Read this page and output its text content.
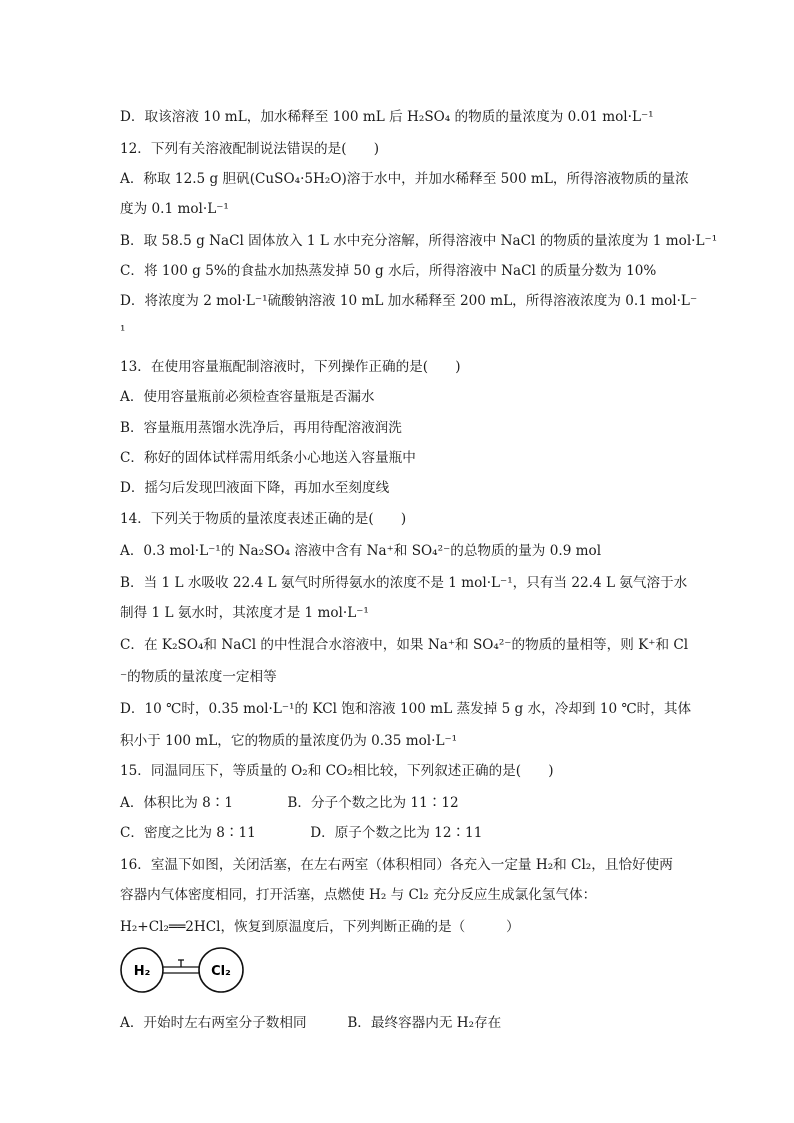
D．取该溶液 10 mL，加水稀释至 100 mL 后 H₂SO₄ 的物质的量浓度为 0.01 mol·L⁻¹
12．下列有关溶液配制说法错误的是(　　)
A．称取 12.5 g 胆矾(CuSO₄·5H₂O)溶于水中，并加水稀释至 500 mL，所得溶液物质的量浓
度为 0.1 mol·L⁻¹
B．取 58.5 g NaCl 固体放入 1 L 水中充分溶解，所得溶液中 NaCl 的物质的量浓度为 1 mol·L⁻¹
C．将 100 g 5%的食盐水加热蒸发掉 50 g 水后，所得溶液中 NaCl 的质量分数为 10%
D．将浓度为 2 mol·L⁻¹硫酸钠溶液 10 mL 加水稀释至 200 mL，所得溶液浓度为 0.1 mol·L⁻
¹
13．在使用容量瓶配制溶液时，下列操作正确的是(　　)
A．使用容量瓶前必须检查容量瓶是否漏水
B．容量瓶用蒸馏水洗净后，再用待配溶液润洗
C．称好的固体试样需用纸条小心地送入容量瓶中
D．摇匀后发现凹液面下降，再加水至刻度线
14．下列关于物质的量浓度表述正确的是(　　)
A．0.3 mol·L⁻¹的 Na₂SO₄ 溶液中含有 Na⁺和 SO₄²⁻的总物质的量为 0.9 mol
B．当 1 L 水吸收 22.4 L 氨气时所得氨水的浓度不是 1 mol·L⁻¹，只有当 22.4 L 氨气溶于水
制得 1 L 氨水时，其浓度才是 1 mol·L⁻¹
C．在 K₂SO₄和 NaCl 的中性混合水溶液中，如果 Na⁺和 SO₄²⁻的物质的量相等，则 K⁺和 Cl
⁻的物质的量浓度一定相等
D．10 ℃时，0.35 mol·L⁻¹的 KCl 饱和溶液 100 mL 蒸发掉 5 g 水，冷却到 10 ℃时，其体
积小于 100 mL，它的物质的量浓度仍为 0.35 mol·L⁻¹
15．同温同压下，等质量的 O₂和 CO₂相比较，下列叙述正确的是(　　)
A．体积比为 8∶1　　　　B．分子个数之比为 11∶12
C．密度之比为 8∶11　　　　D．原子个数之比为 12∶11
16．室温下如图，关闭活塞，在左右两室（体积相同）各充入一定量 H₂和 Cl₂，且恰好使两
容器内气体密度相同，打开活塞，点燃使 H₂ 与 Cl₂ 充分反应生成氯化氢气体：
H₂+Cl₂══2HCl，恢复到原温度后，下列判断正确的是（　　　）
A．开始时左右两室分子数相同　　　B．最终容器内无 H₂存在
H₂	Cl₂
